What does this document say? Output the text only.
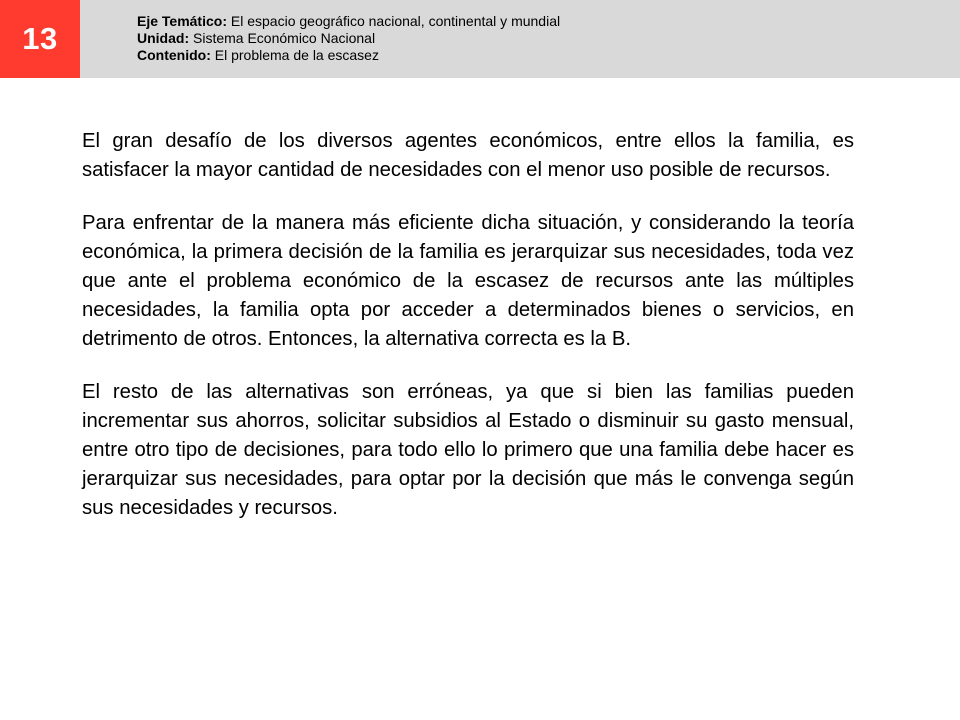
13	Eje Temático: El espacio geográfico nacional, continental y mundial
Unidad: Sistema Económico Nacional
Contenido: El problema de la escasez

El gran desafío de los diversos agentes económicos, entre ellos la familia, es satisfacer la mayor cantidad de necesidades con el menor uso posible de recursos.

Para enfrentar de la manera más eficiente dicha situación, y considerando la teoría económica, la primera decisión de la familia es jerarquizar sus necesidades, toda vez que ante el problema económico de la escasez de recursos ante las múltiples necesidades, la familia opta por acceder a determinados bienes o servicios, en detrimento de otros. Entonces, la alternativa correcta es la B.

El resto de las alternativas son erróneas, ya que si bien las familias pueden incrementar sus ahorros, solicitar subsidios al Estado o disminuir su gasto mensual, entre otro tipo de decisiones, para todo ello lo primero que una familia debe hacer es jerarquizar sus necesidades, para optar por la decisión que más le convenga según sus necesidades y recursos.
